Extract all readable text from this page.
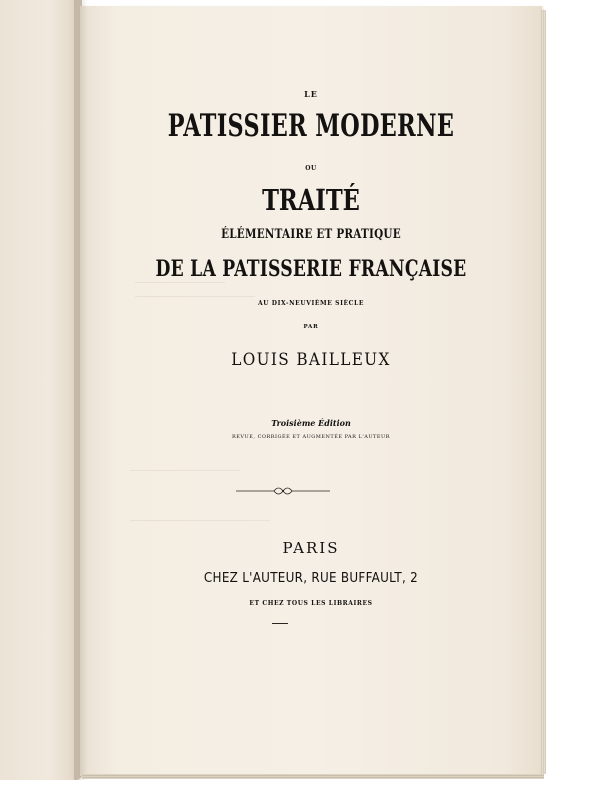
LE
PATISSIER MODERNE
OU
TRAITÉ
ÉLÉMENTAIRE ET PRATIQUE
DE LA PATISSERIE FRANÇAISE
AU DIX-NEUVIÈME SIÈCLE
PAR
LOUIS BAILLEUX
Troisième Édition
REVUE, CORRIGÉE ET AUGMENTÉE PAR L'AUTEUR
PARIS
CHEZ L'AUTEUR, RUE BUFFAULT, 2
ET CHEZ TOUS LES LIBRAIRES
